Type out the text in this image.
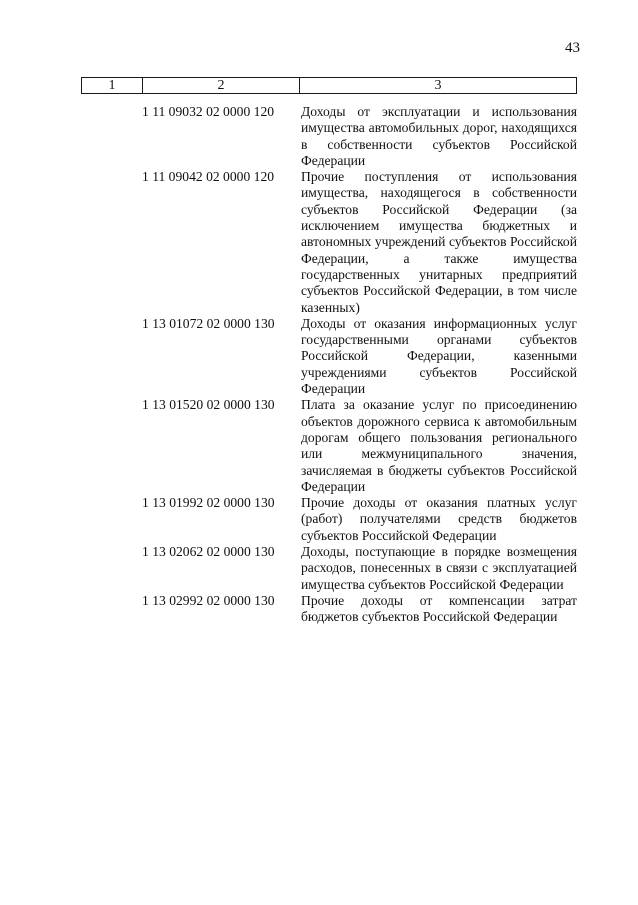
43
1	2	3
1 11 09032 02 0000 120	Доходы от эксплуатации и использования имущества автомобильных дорог, находящихся в собственности субъектов Российской Федерации
1 11 09042 02 0000 120	Прочие поступления от использования имущества, находящегося в собственности субъектов Российской Федерации (за исключением имущества бюджетных и автономных учреждений субъектов Российской Федерации, а также имущества государственных унитарных предприятий субъектов Российской Федерации, в том числе казенных)
1 13 01072 02 0000 130	Доходы от оказания информационных услуг государственными органами субъектов Российской Федерации, казенными учреждениями субъектов Российской Федерации
1 13 01520 02 0000 130	Плата за оказание услуг по присоединению объектов дорожного сервиса к автомобильным дорогам общего пользования регионального или межмуниципального значения, зачисляемая в бюджеты субъектов Российской Федерации
1 13 01992 02 0000 130	Прочие доходы от оказания платных услуг (работ) получателями средств бюджетов субъектов Российской Федерации
1 13 02062 02 0000 130	Доходы, поступающие в порядке возмещения расходов, понесенных в связи с эксплуатацией имущества субъектов Российской Федерации
1 13 02992 02 0000 130	Прочие доходы от компенсации затрат бюджетов субъектов Российской Федерации
